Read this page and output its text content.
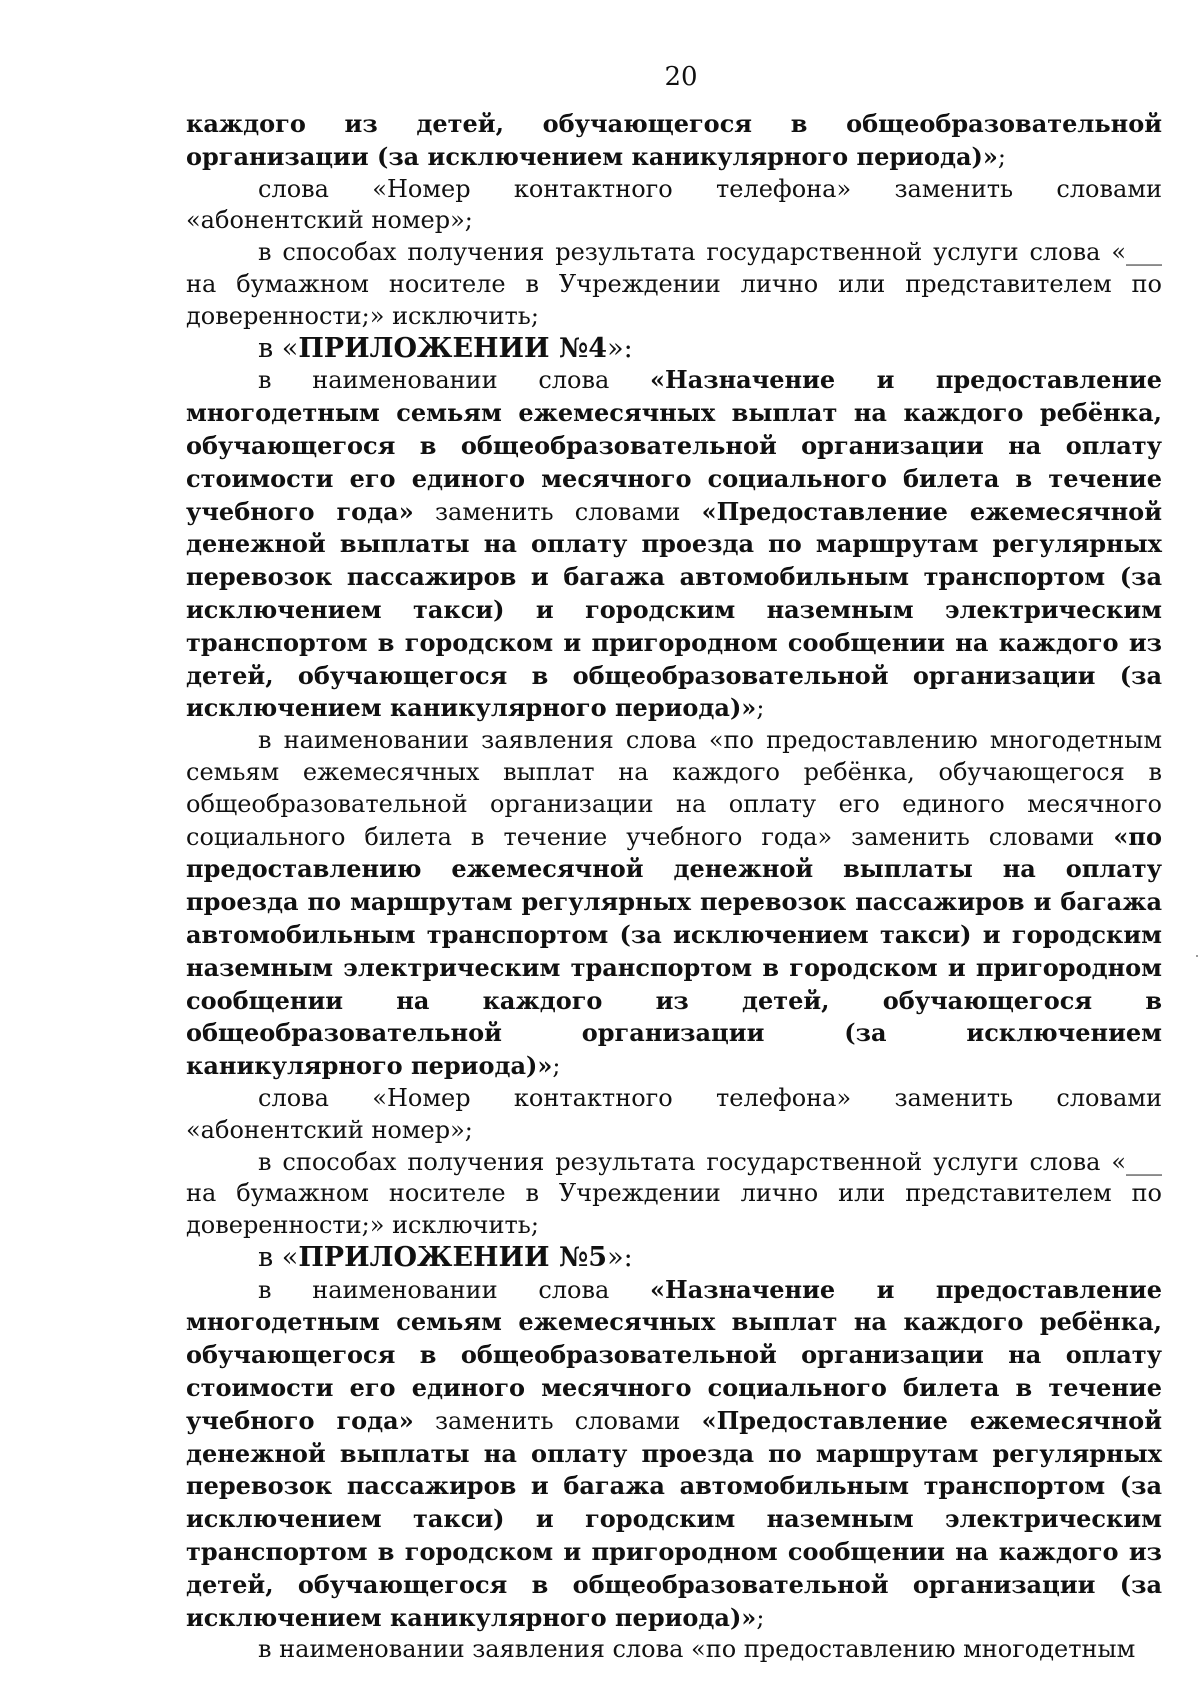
20

каждого из детей, обучающегося в общеобразовательной организации (за исключением каникулярного периода)»;

слова «Номер контактного телефона» заменить словами «абонентский номер»;

в способах получения результата государственной услуги слова «___ на бумажном носителе в Учреждении лично или представителем по доверенности;» исключить;

в «ПРИЛОЖЕНИИ №4»:

в наименовании слова «Назначение и предоставление многодетным семьям ежемесячных выплат на каждого ребёнка, обучающегося в общеобразовательной организации на оплату стоимости его единого месячного социального билета в течение учебного года» заменить словами «Предоставление ежемесячной денежной выплаты на оплату проезда по маршрутам регулярных перевозок пассажиров и багажа автомобильным транспортом (за исключением такси) и городским наземным электрическим транспортом в городском и пригородном сообщении на каждого из детей, обучающегося в общеобразовательной организации (за исключением каникулярного периода)»;

в наименовании заявления слова «по предоставлению многодетным семьям ежемесячных выплат на каждого ребёнка, обучающегося в общеобразовательной организации на оплату его единого месячного социального билета в течение учебного года» заменить словами «по предоставлению ежемесячной денежной выплаты на оплату проезда по маршрутам регулярных перевозок пассажиров и багажа автомобильным транспортом (за исключением такси) и городским наземным электрическим транспортом в городском и пригородном сообщении на каждого из детей, обучающегося в общеобразовательной организации (за исключением каникулярного периода)»;

слова «Номер контактного телефона» заменить словами «абонентский номер»;

в способах получения результата государственной услуги слова «___ на бумажном носителе в Учреждении лично или представителем по доверенности;» исключить;

в «ПРИЛОЖЕНИИ №5»:

в наименовании слова «Назначение и предоставление многодетным семьям ежемесячных выплат на каждого ребёнка, обучающегося в общеобразовательной организации на оплату стоимости его единого месячного социального билета в течение учебного года» заменить словами «Предоставление ежемесячной денежной выплаты на оплату проезда по маршрутам регулярных перевозок пассажиров и багажа автомобильным транспортом (за исключением такси) и городским наземным электрическим транспортом в городском и пригородном сообщении на каждого из детей, обучающегося в общеобразовательной организации (за исключением каникулярного периода)»;

в наименовании заявления слова «по предоставлению многодетным
